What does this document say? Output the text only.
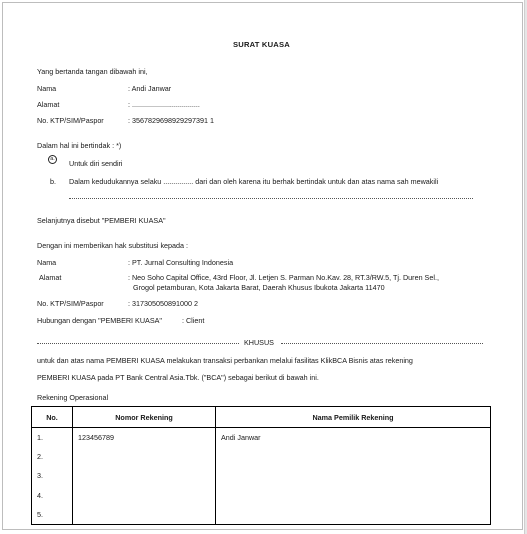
SURAT KUASA
Yang bertanda tangan dibawah ini,
Nama	: Andi Janwar
Alamat	: ..................................
No. KTP/SIM/Paspor	: 3567829698929297391 1
Dalam hal ini bertindak : *)
a.	Untuk diri sendiri
b. Dalam kedudukannya selaku ............... dari dan oleh karena itu berhak bertindak untuk dan atas nama sah mewakili
Selanjutnya disebut "PEMBERI KUASA"
Dengan ini memberikan hak substitusi kepada :
Nama	: PT. Jurnal Consulting Indonesia
Alamat	: Neo Soho Capital Office, 43rd Floor, Jl. Letjen S. Parman No.Kav. 28, RT.3/RW.5, Tj. Duren Sel.,
Grogol petamburan, Kota Jakarta Barat, Daerah Khusus Ibukota Jakarta 11470
No. KTP/SIM/Paspor	: 317305050891000 2
Hubungan dengan "PEMBERI KUASA"	: Client
KHUSUS
untuk dan atas nama PEMBERI KUASA melakukan transaksi perbankan melalui fasilitas KlikBCA Bisnis atas rekening
PEMBERI KUASA pada PT Bank Central Asia.Tbk. ("BCA") sebagai berikut di bawah ini.
Rekening Operasional
No.	Nomor Rekening	Nama Pemilik Rekening
1.	123456789	Andi Janwar
2.		
3.		
4.		
5.		
